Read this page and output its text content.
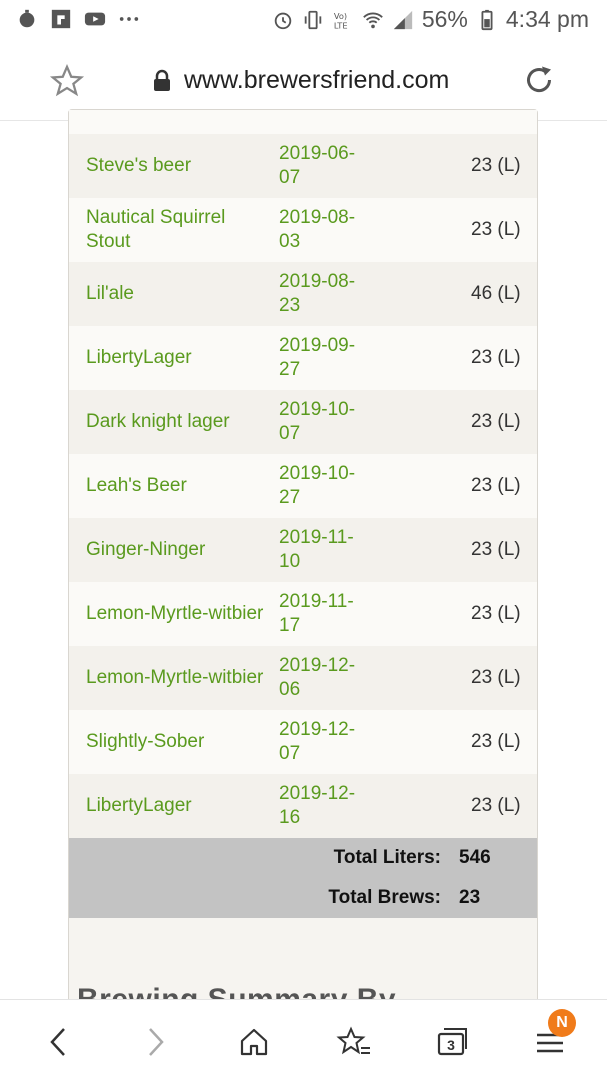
Vo)
LTE	56% 4:34 pm
www.brewersfriend.com
Steve's beer
2019-06-07
23 (L)
Nautical Squirrel Stout
2019-08-03
23 (L)
Lil'ale
2019-08-23
46 (L)
LibertyLager
2019-09-27
23 (L)
Dark knight lager
2019-10-07
23 (L)
Leah's Beer
2019-10-27
23 (L)
Ginger-Ninger
2019-11-10
23 (L)
Lemon-Myrtle-witbier
2019-11-17
23 (L)
Lemon-Myrtle-witbier
2019-12-06
23 (L)
Slightly-Sober
2019-12-07
23 (L)
LibertyLager
2019-12-16
23 (L)
Total Liters: 546
Total Brews: 23
3
N
